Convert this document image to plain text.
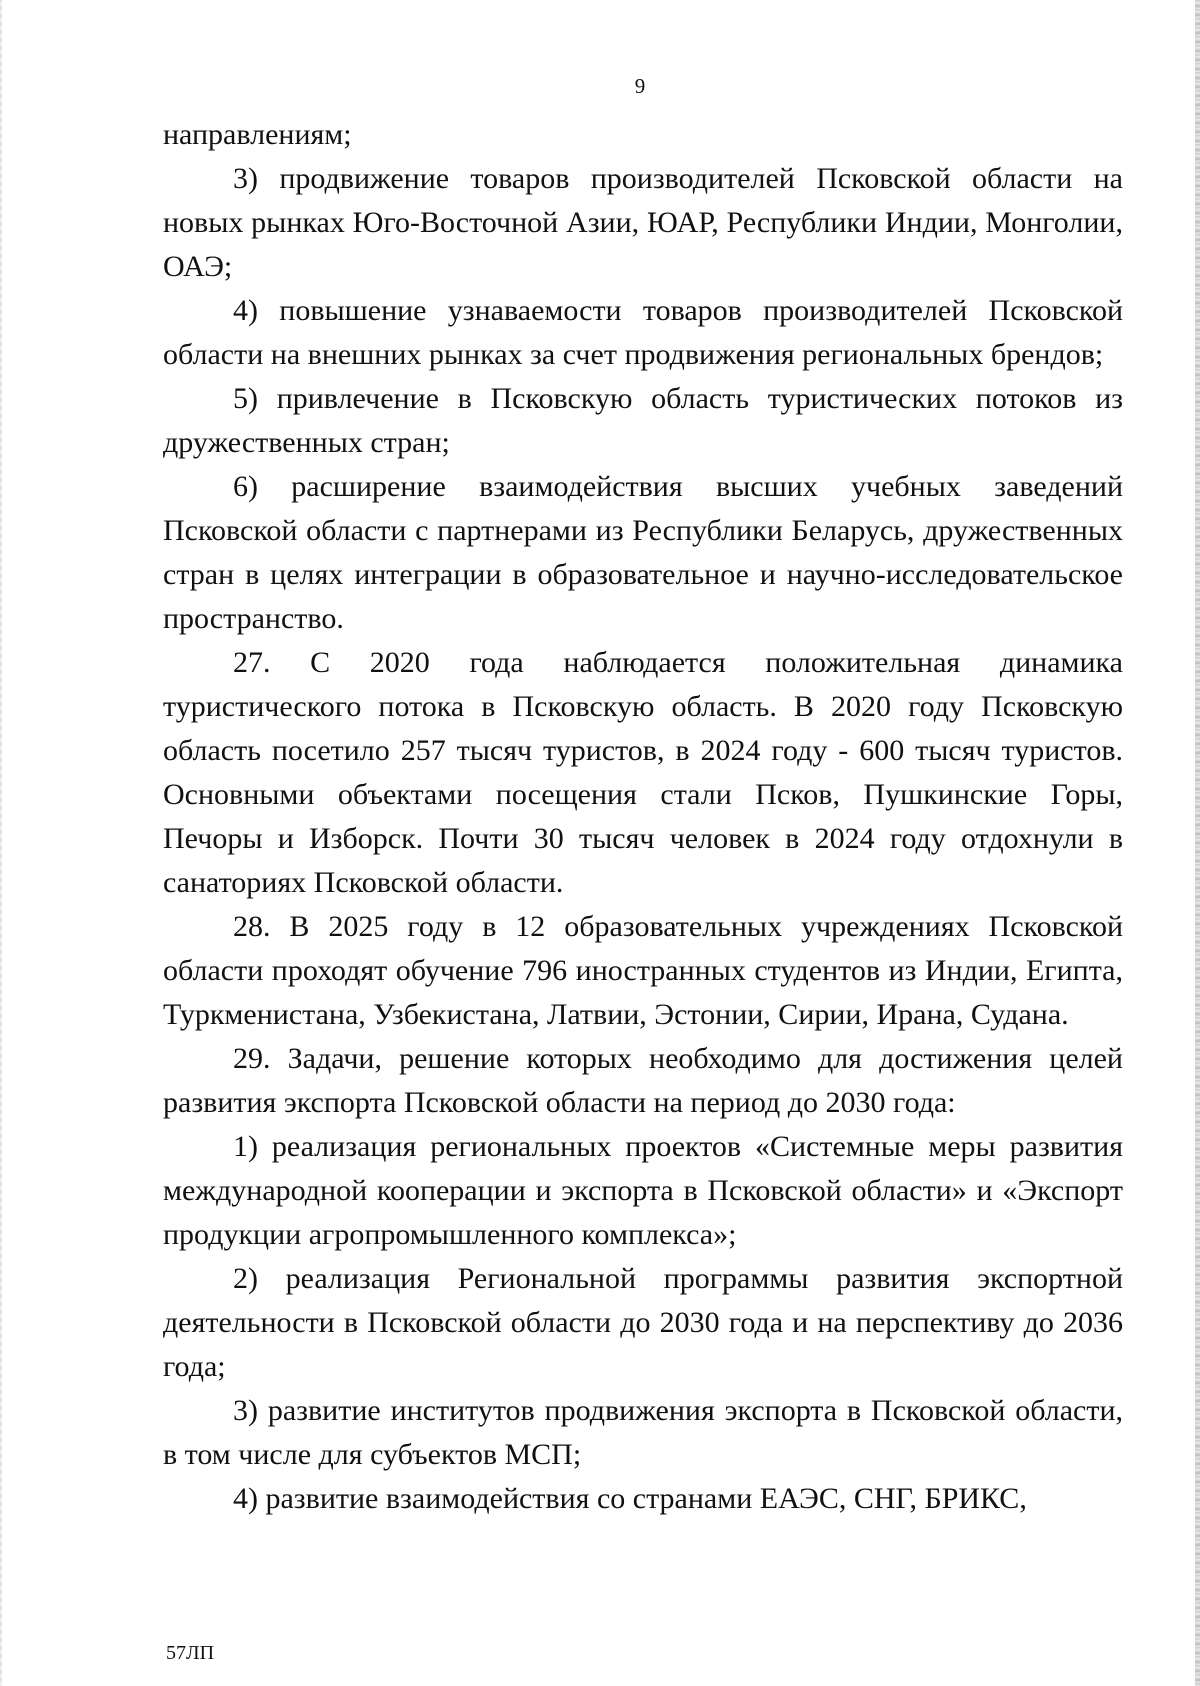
9

направлениям;

3) продвижение товаров производителей Псковской области на новых рынках Юго-Восточной Азии, ЮАР, Республики Индии, Монголии, ОАЭ;

4) повышение узнаваемости товаров производителей Псковской области на внешних рынках за счет продвижения региональных брендов;

5) привлечение в Псковскую область туристических потоков из дружественных стран;

6) расширение взаимодействия высших учебных заведений Псковской области с партнерами из Республики Беларусь, дружественных стран в целях интеграции в образовательное и научно-исследовательское пространство.

27. С 2020 года наблюдается положительная динамика туристического потока в Псковскую область. В 2020 году Псковскую область посетило 257 тысяч туристов, в 2024 году - 600 тысяч туристов. Основными объектами посещения стали Псков, Пушкинские Горы, Печоры и Изборск. Почти 30 тысяч человек в 2024 году отдохнули в санаториях Псковской области.

28. В 2025 году в 12 образовательных учреждениях Псковской области проходят обучение 796 иностранных студентов из Индии, Египта, Туркменистана, Узбекистана, Латвии, Эстонии, Сирии, Ирана, Судана.

29. Задачи, решение которых необходимо для достижения целей развития экспорта Псковской области на период до 2030 года:

1) реализация региональных проектов «Системные меры развития международной кооперации и экспорта в Псковской области» и «Экспорт продукции агропромышленного комплекса»;

2) реализация Региональной программы развития экспортной деятельности в Псковской области до 2030 года и на перспективу до 2036 года;

3) развитие институтов продвижения экспорта в Псковской области, в том числе для субъектов МСП;

4) развитие взаимодействия со странами ЕАЭС, СНГ, БРИКС,

57ЛП
